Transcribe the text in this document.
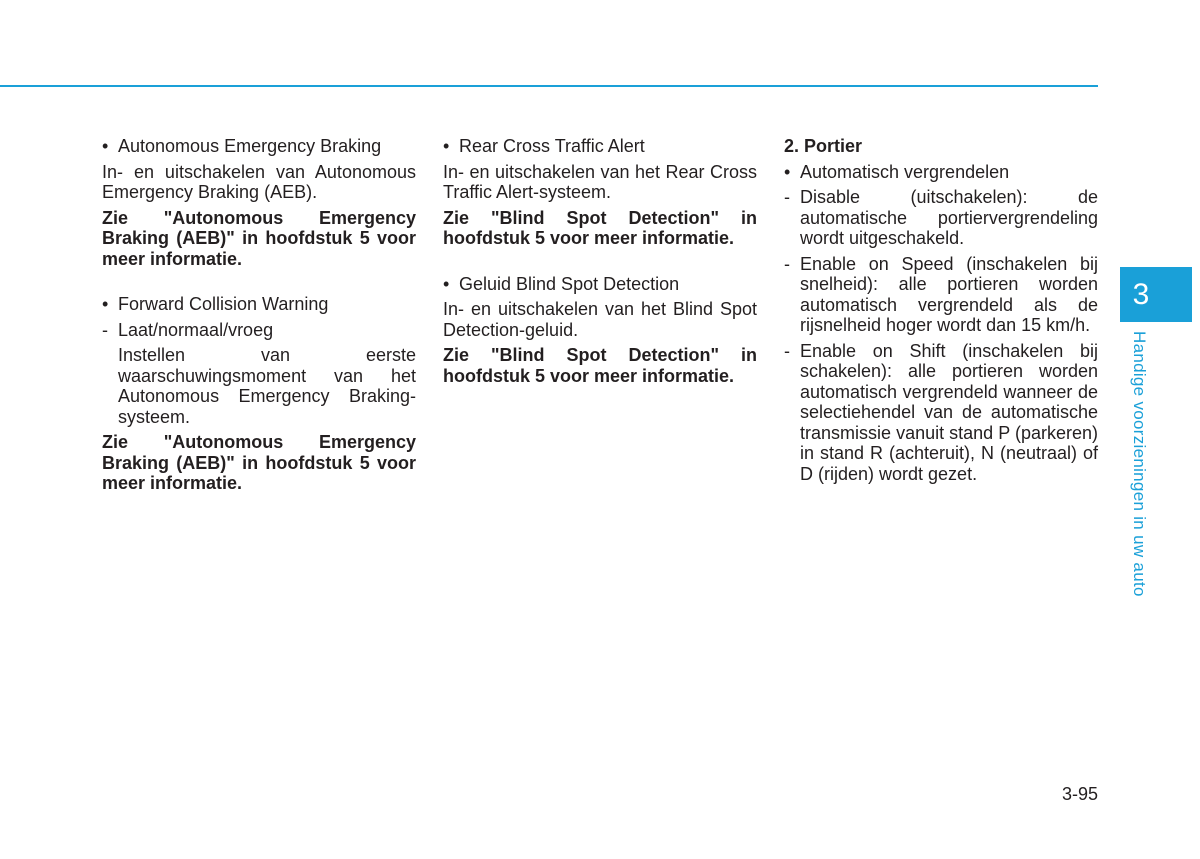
• Autonomous Emergency Braking

In- en uitschakelen van Autonomous Emergency Braking (AEB).

Zie "Autonomous Emergency Braking (AEB)" in hoofdstuk 5 voor meer informatie.

• Forward Collision Warning
- Laat/normaal/vroeg

Instellen van eerste waarschuwingsmoment van het Autonomous Emergency Braking-systeem.

Zie "Autonomous Emergency Braking (AEB)" in hoofdstuk 5 voor meer informatie.

• Rear Cross Traffic Alert

In- en uitschakelen van het Rear Cross Traffic Alert-systeem.

Zie "Blind Spot Detection" in hoofdstuk 5 voor meer informatie.

• Geluid Blind Spot Detection

In- en uitschakelen van het Blind Spot Detection-geluid.

Zie "Blind Spot Detection" in hoofdstuk 5 voor meer informatie.

2. Portier

• Automatisch vergrendelen
- Disable (uitschakelen): de automatische portiervergrendeling wordt uitgeschakeld.
- Enable on Speed (inschakelen bij snelheid): alle portieren worden automatisch vergrendeld als de rijsnelheid hoger wordt dan 15 km/h.
- Enable on Shift (inschakelen bij schakelen): alle portieren worden automatisch vergrendeld wanneer de selectiehendel van de automatische transmissie vanuit stand P (parkeren) in stand R (achteruit), N (neutraal) of D (rijden) wordt gezet.
3
Handige voorzieningen in uw auto
3-95
